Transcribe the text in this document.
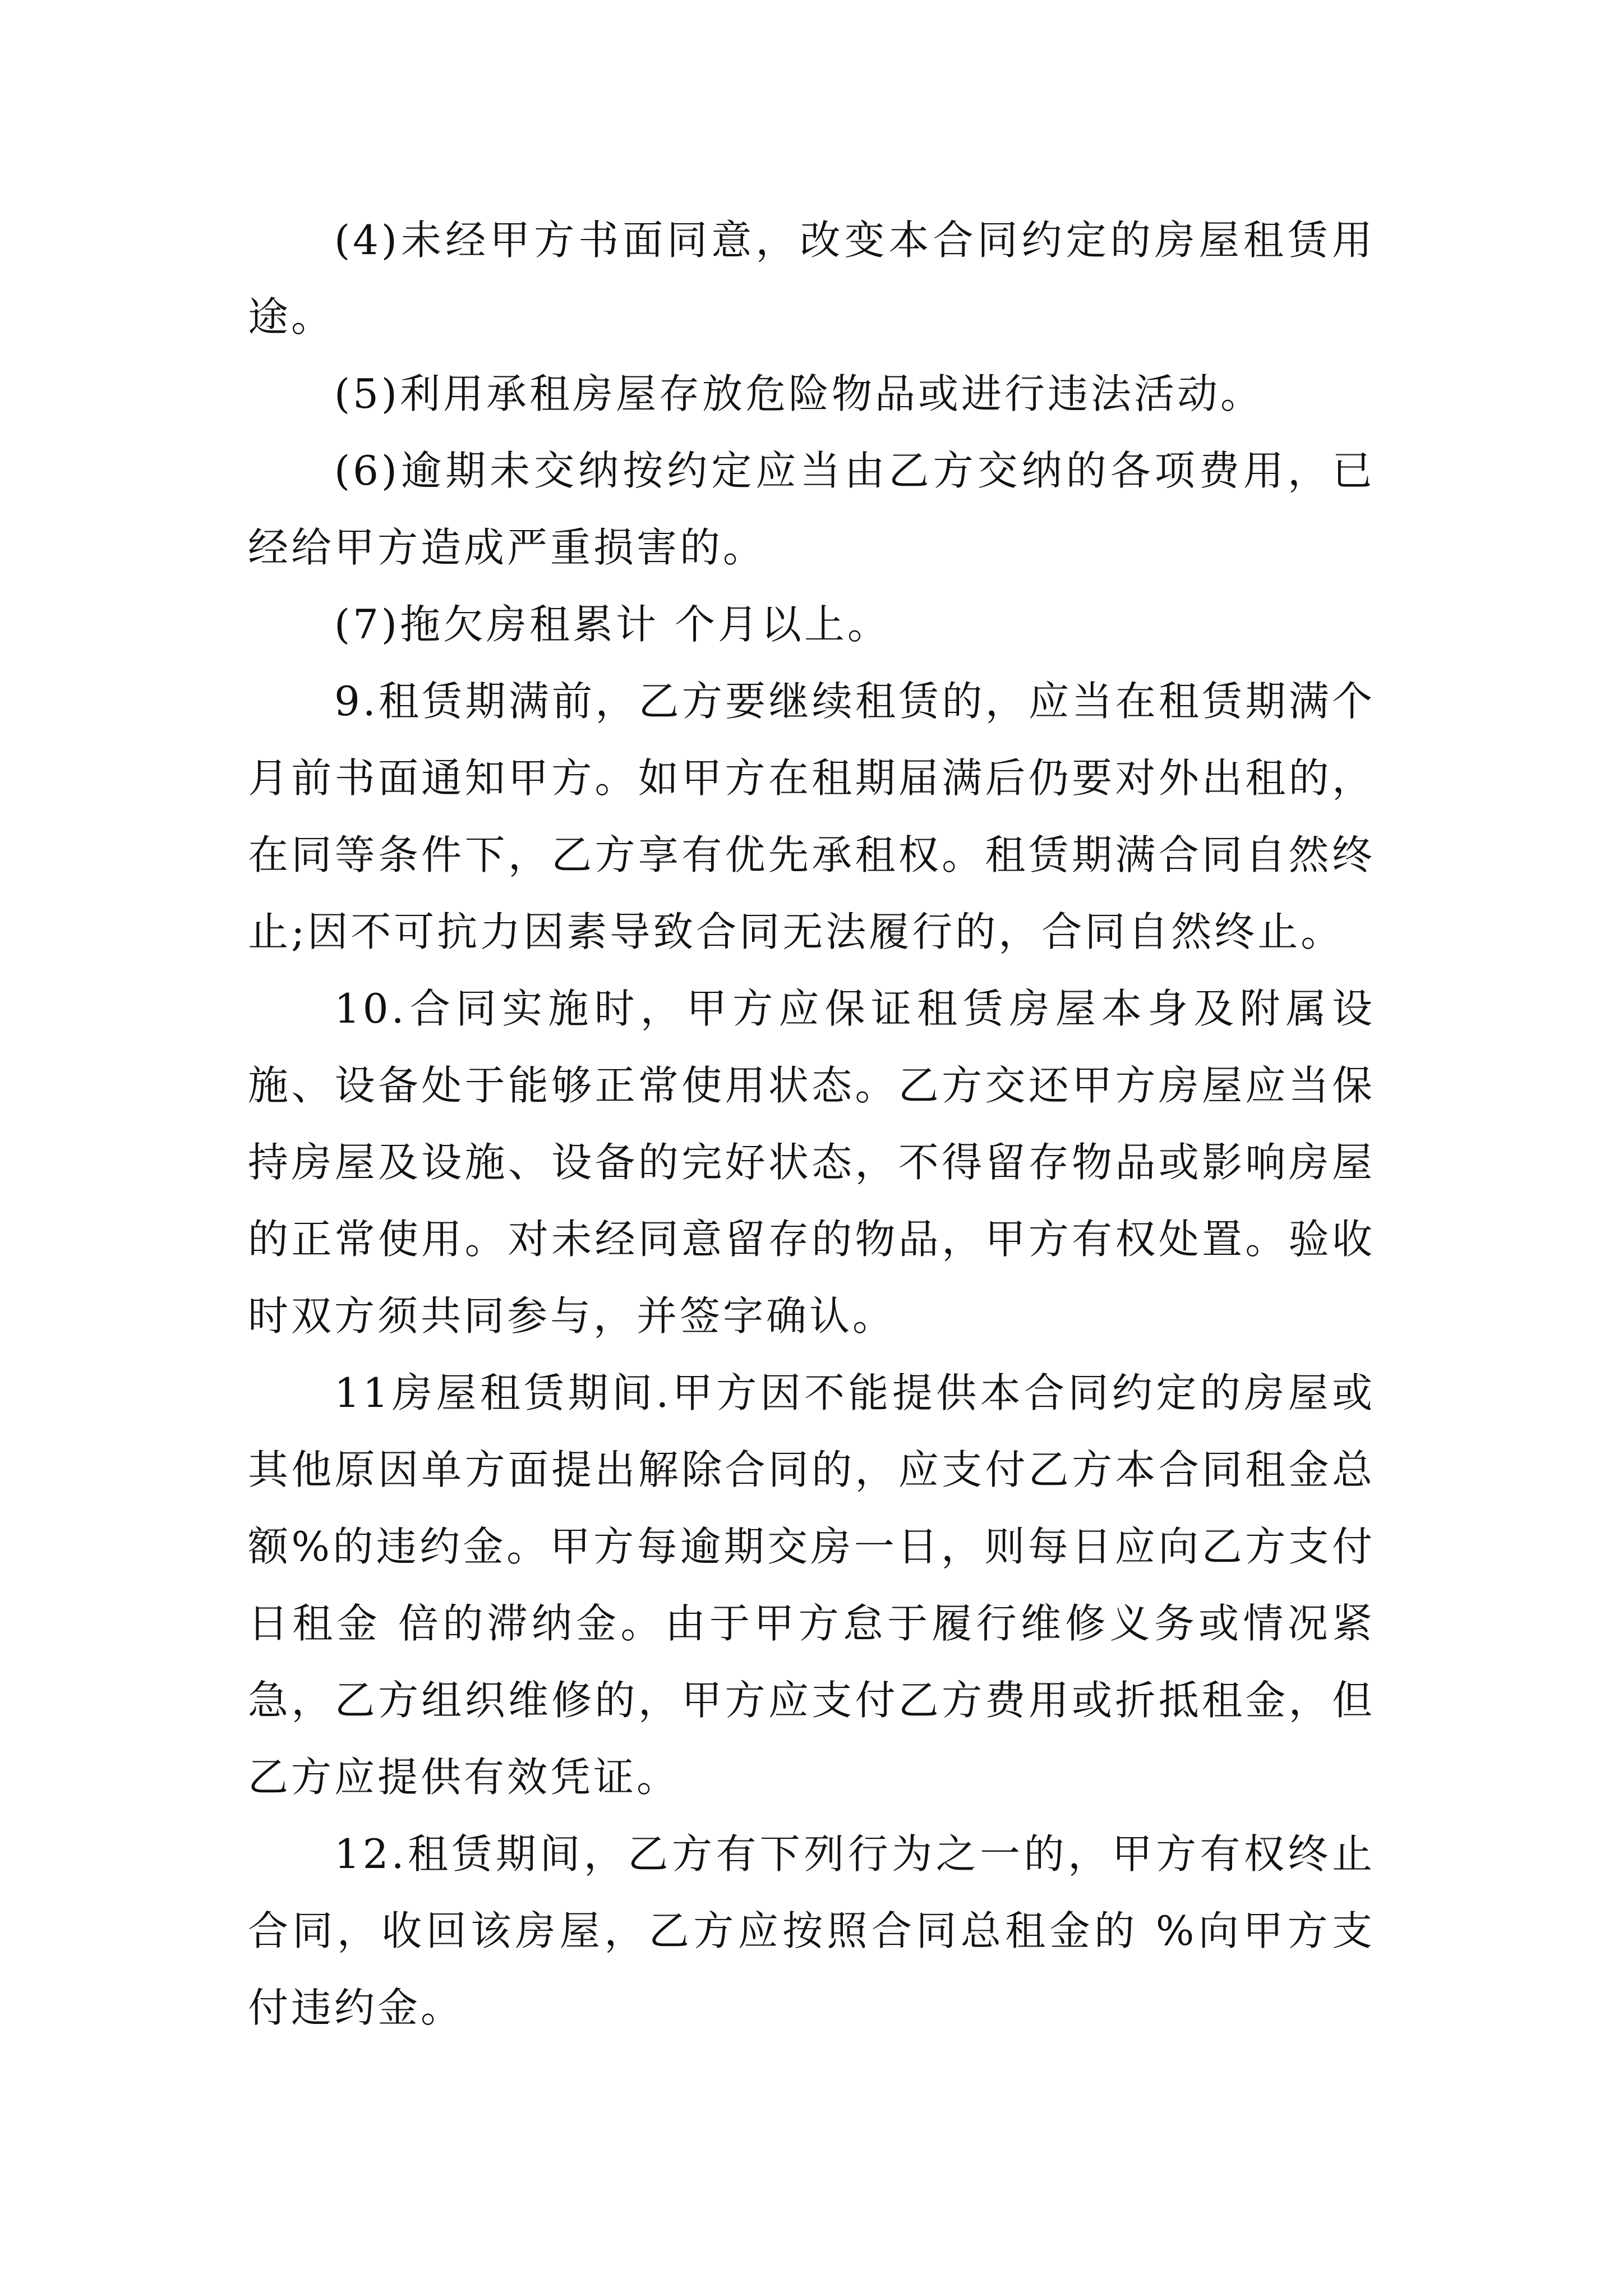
(4)未经甲方书面同意，改变本合同约定的房屋租赁用途。

(5)利用承租房屋存放危险物品或进行违法活动。

(6)逾期未交纳按约定应当由乙方交纳的各项费用，已经给甲方造成严重损害的。

(7)拖欠房租累计 个月以上。

9.租赁期满前，乙方要继续租赁的，应当在租赁期满个月前书面通知甲方。如甲方在租期届满后仍要对外出租的，在同等条件下，乙方享有优先承租权。租赁期满合同自然终止;因不可抗力因素导致合同无法履行的，合同自然终止。

10.合同实施时，甲方应保证租赁房屋本身及附属设施、设备处于能够正常使用状态。乙方交还甲方房屋应当保持房屋及设施、设备的完好状态，不得留存物品或影响房屋的正常使用。对未经同意留存的物品，甲方有权处置。验收时双方须共同参与，并签字确认。

11房屋租赁期间.甲方因不能提供本合同约定的房屋或其他原因单方面提出解除合同的，应支付乙方本合同租金总额%的违约金。甲方每逾期交房一日，则每日应向乙方支付日租金 倍的滞纳金。由于甲方怠于履行维修义务或情况紧急，乙方组织维修的，甲方应支付乙方费用或折抵租金，但乙方应提供有效凭证。

12.租赁期间，乙方有下列行为之一的，甲方有权终止合同，收回该房屋，乙方应按照合同总租金的 %向甲方支付违约金。
